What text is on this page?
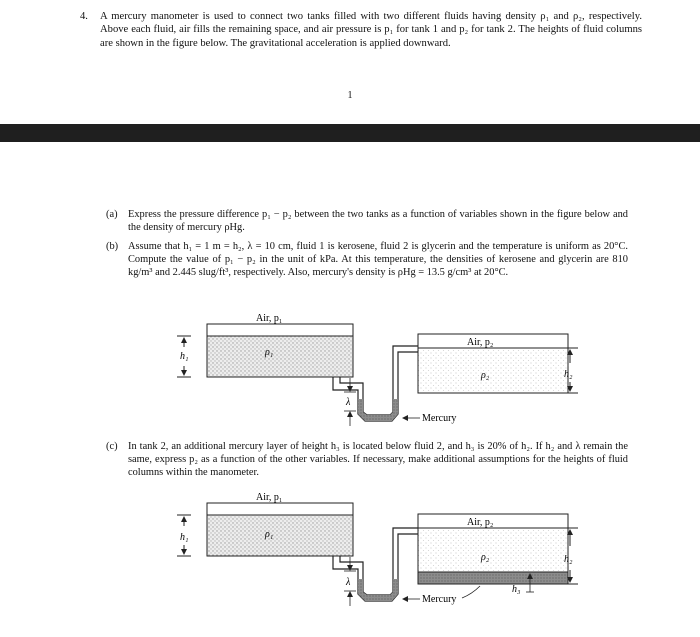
4.	A mercury manometer is used to connect two tanks filled with two different fluids having density ρ₁ and ρ₂, respectively. Above each fluid, air fills the remaining space, and air pressure is p₁ for tank 1 and p₂ for tank 2. The heights of fluid columns are shown in the figure below. The gravitational acceleration is applied downward.
1
(a) Express the pressure difference p₁ − p₂ between the two tanks as a function of variables shown in the figure below and the density of mercury ρHg.
(b) Assume that h₁ = 1 m = h₂, λ = 10 cm, fluid 1 is kerosene, fluid 2 is glycerin and the temperature is uniform as 20°C. Compute the value of p₁ − p₂ in the unit of kPa. At this temperature, the densities of kerosene and glycerin are 810 kg/m³ and 2.445 slug/ft³, respectively. Also, mercury's density is ρHg = 13.5 g/cm³ at 20°C.
Air, p₁
ρ₁
h₁
λ
Mercury
Air, p₂
ρ₂	h₂
(c) In tank 2, an additional mercury layer of height h₃ is located below fluid 2, and h₃ is 20% of h₂. If h₂ and λ remain the same, express p₂ as a function of the other variables. If necessary, make additional assumptions for the heights of fluid columns within the manometer.
Air, p₁
ρ₁
h₁
λ
Mercury
Air, p₂
ρ₂	h₂
h₃
